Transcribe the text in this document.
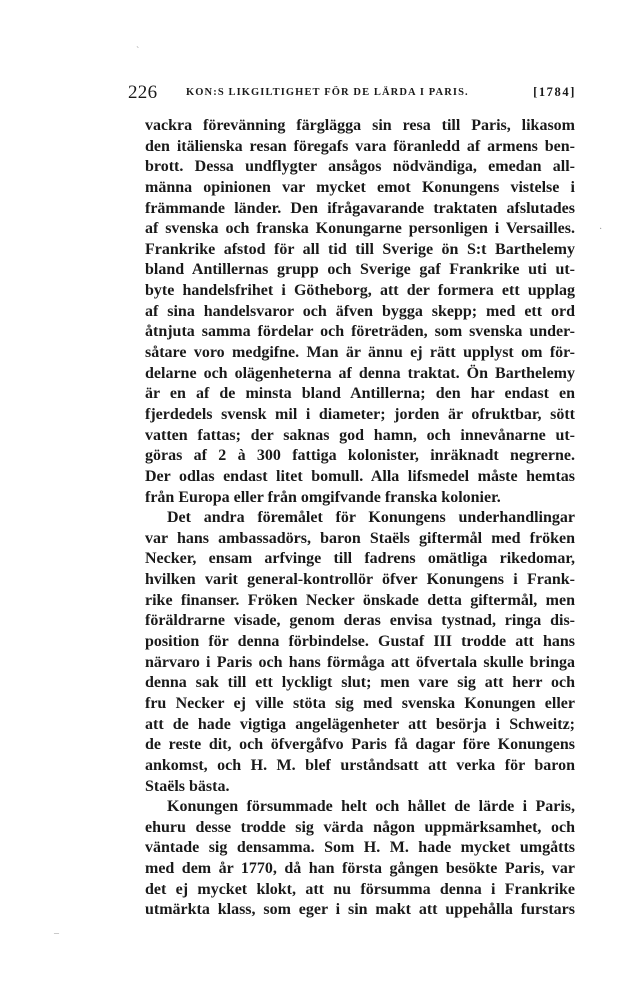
ˋ
·
‒
226	KON:S LIKGILTIGHET FÖR DE LÄRDA I PARIS.	[1784]
vackra förevänning färglägga sin resa till Paris, likasom
den itälienska resan föregafs vara föranledd af armens ben-
brott. Dessa undflygter ansågos nödvändiga, emedan all-
männa opinionen var mycket emot Konungens vistelse i
främmande länder. Den ifrågavarande traktaten afslutades
af svenska och franska Konungarne personligen i Versailles.
Frankrike afstod för all tid till Sverige ön S:t Barthelemy
bland Antillernas grupp och Sverige gaf Frankrike uti ut-
byte handelsfrihet i Götheborg, att der formera ett upplag
af sina handelsvaror och äfven bygga skepp; med ett ord
åtnjuta samma fördelar och företräden, som svenska under-
såtare voro medgifne. Man är ännu ej rätt upplyst om för-
delarne och olägenheterna af denna traktat. Ön Barthelemy
är en af de minsta bland Antillerna; den har endast en
fjerdedels svensk mil i diameter; jorden är ofruktbar, sött
vatten fattas; der saknas god hamn, och innevånarne ut-
göras af 2 à 300 fattiga kolonister, inräknadt negrerne.
Der odlas endast litet bomull. Alla lifsmedel måste hemtas
från Europa eller från omgifvande franska kolonier.
Det andra föremålet för Konungens underhandlingar
var hans ambassadörs, baron Staëls giftermål med fröken
Necker, ensam arfvinge till fadrens omätliga rikedomar,
hvilken varit general-kontrollör öfver Konungens i Frank-
rike finanser. Fröken Necker önskade detta giftermål, men
föräldrarne visade, genom deras envisa tystnad, ringa dis-
position för denna förbindelse. Gustaf III trodde att hans
närvaro i Paris och hans förmåga att öfvertala skulle bringa
denna sak till ett lyckligt slut; men vare sig att herr och
fru Necker ej ville stöta sig med svenska Konungen eller
att de hade vigtiga angelägenheter att besörja i Schweitz;
de reste dit, och öfvergåfvo Paris få dagar före Konungens
ankomst, och H. M. blef urståndsatt att verka för baron
Staëls bästa.
Konungen försummade helt och hållet de lärde i Paris,
ehuru desse trodde sig värda någon uppmärksamhet, och
väntade sig densamma. Som H. M. hade mycket umgåtts
med dem år 1770, då han första gången besökte Paris, var
det ej mycket klokt, att nu försumma denna i Frankrike
utmärkta klass, som eger i sin makt att uppehålla furstars
